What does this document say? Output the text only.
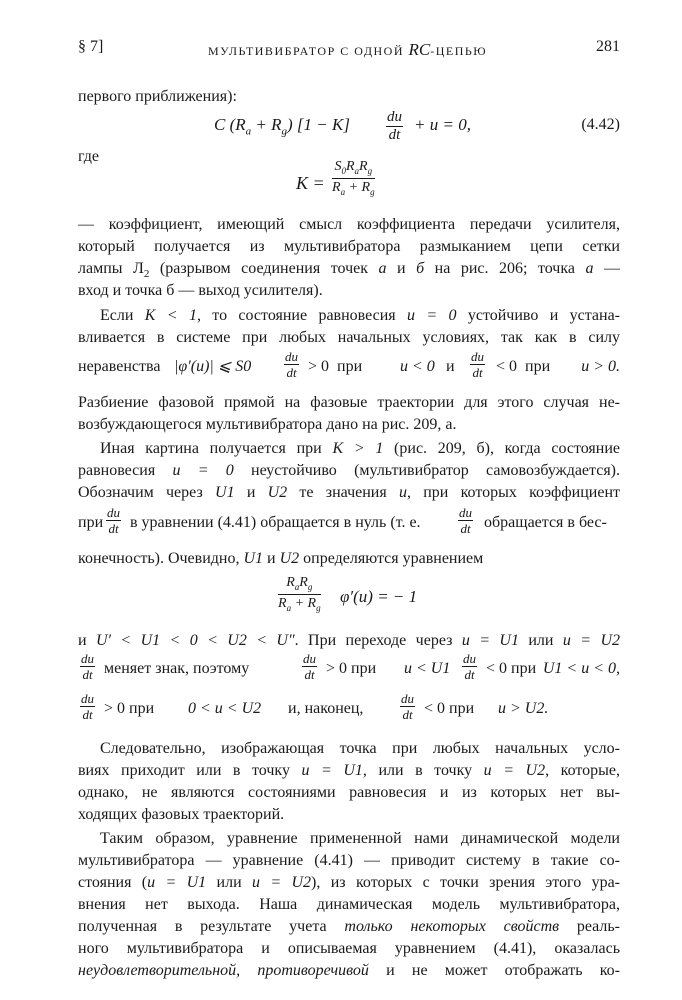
§ 7]	МУЛЬТИВИБРАТОР С ОДНОЙ RC-ЦЕПЬЮ	281
первого приближения):
C $(R_a + R_g) [1 - K] \frac{du}{dt} + u = 0$,	(4.42)
где
K =
$S_0R_aR_g$
$R_a + R_g$
— коэффициент, имеющий смысл коэффициента передачи усилителя,
который получается из мультивибратора размыканием цепи сетки
лампы $Л_2$ (разрывом соединения точек a и б на рис. 206; точка a —
вход и точка б — выход усилителя).
Если K < 1, то состояние равновесия u = 0 устойчиво и устана-
вливается в системе при любых начальных условиях, так как в силу
неравенства |φ′(u)| ⩽ S0	$\frac{du}{dt} > 0$  при u < 0 и $\frac{du}{dt} < 0$  при u > 0.
Разбиение фазовой прямой на фазовые траектории для этого случая не-
возбуждающегося мультивибратора дано на рис. 209, а.
Иная картина получается при K > 1 (рис. 209, б), когда состояние
равновесия u = 0 неустойчиво (мультивибратор самовозбуждается).
Обозначим через U1 и U2 те значения u, при которых коэффициент
при $\frac{du}{dt}$ в уравнении (4.41) обращается в нуль (т. е.	$\frac{du}{dt}$ обращается в бес-
конечность). Очевидно, U1 и U2 определяются уравнением
$R_aR_g$
$R_a + R_g$
φ′(u) = − 1
и U′ < U1 < 0 < U2 < U″. При переходе через u = U1 или u = U2
$\frac{du}{dt}$ меняет знак, поэтому	$\frac{du}{dt} > 0$ при $u < U1 \frac{du}{dt} < 0$ при U1 < u < 0,
$\frac{du}{dt} > 0$ при 0 < u < U2 и, наконец,	$\frac{du}{dt} < 0$ при u > U2.
Следовательно, изображающая точка при любых начальных усло-
виях приходит или в точку u = U1, или в точку u = U2, которые,
однако, не являются состояниями равновесия и из которых нет вы-
ходящих фазовых траекторий.
Таким образом, уравнение примененной нами динамической модели
мультивибратора — уравнение (4.41) — приводит систему в такие со-
стояния (u = U1 или u = U2), из которых с точки зрения этого ура-
внения нет выхода. Наша динамическая модель мультивибратора,
полученная в результате учета только некоторых свойств реаль-
ного мультивибратора и описываемая уравнением (4.41), оказалась
неудовлетворительной, противоречивой и не может отображать ко-
